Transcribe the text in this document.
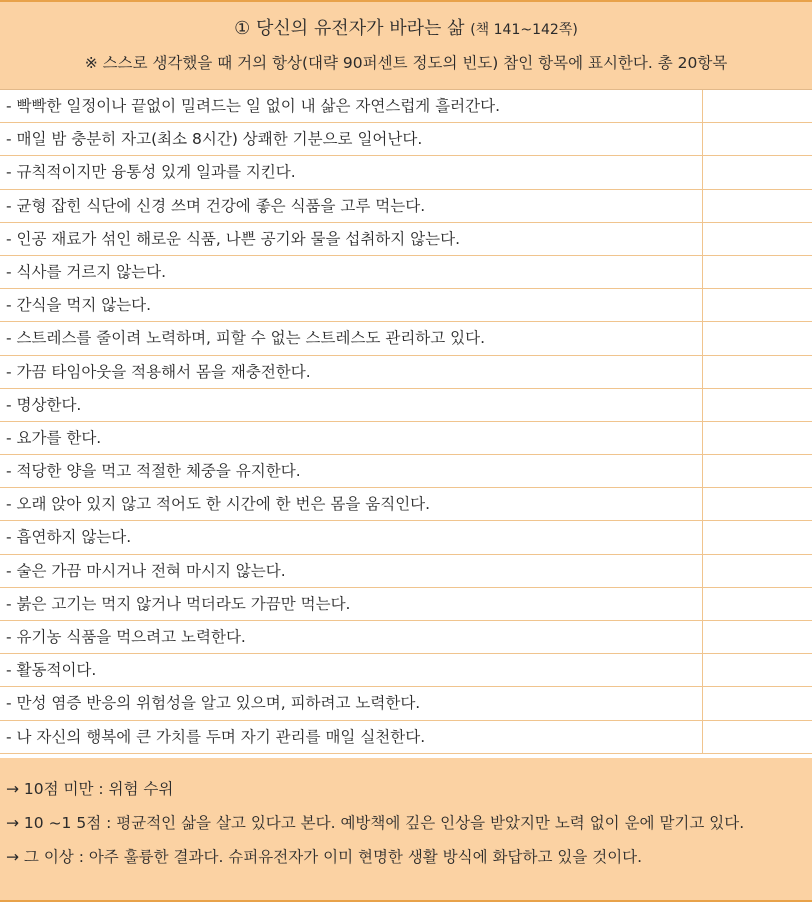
① 당신의 유전자가 바라는 삶 (책 141~142쪽)
※ 스스로 생각했을 때 거의 항상(대략 90퍼센트 정도의 빈도) 참인 항목에 표시한다. 총 20항목
- 빡빡한 일정이나 끝없이 밀려드는 일 없이 내 삶은 자연스럽게 흘러간다.
- 매일 밤 충분히 자고(최소 8시간) 상쾌한 기분으로 일어난다.
- 규칙적이지만 융통성 있게 일과를 지킨다.
- 균형 잡힌 식단에 신경 쓰며 건강에 좋은 식품을 고루 먹는다.
- 인공 재료가 섞인 해로운 식품, 나쁜 공기와 물을 섭취하지 않는다.
- 식사를 거르지 않는다.
- 간식을 먹지 않는다.
- 스트레스를 줄이려 노력하며, 피할 수 없는 스트레스도 관리하고 있다.
- 가끔 타임아웃을 적용해서 몸을 재충전한다.
- 명상한다.
- 요가를 한다.
- 적당한 양을 먹고 적절한 체중을 유지한다.
- 오래 앉아 있지 않고 적어도 한 시간에 한 번은 몸을 움직인다.
- 흡연하지 않는다.
- 술은 가끔 마시거나 전혀 마시지 않는다.
- 붉은 고기는 먹지 않거나 먹더라도 가끔만 먹는다.
- 유기농 식품을 먹으려고 노력한다.
- 활동적이다.
- 만성 염증 반응의 위험성을 알고 있으며, 피하려고 노력한다.
- 나 자신의 행복에 큰 가치를 두며 자기 관리를 매일 실천한다.
→ 10점 미만 : 위험 수위
→ 10 ~1 5점 : 평균적인 삶을 살고 있다고 본다. 예방책에 깊은 인상을 받았지만 노력 없이 운에 맡기고 있다.
→ 그 이상 : 아주 훌륭한 결과다. 슈퍼유전자가 이미 현명한 생활 방식에 화답하고 있을 것이다.
